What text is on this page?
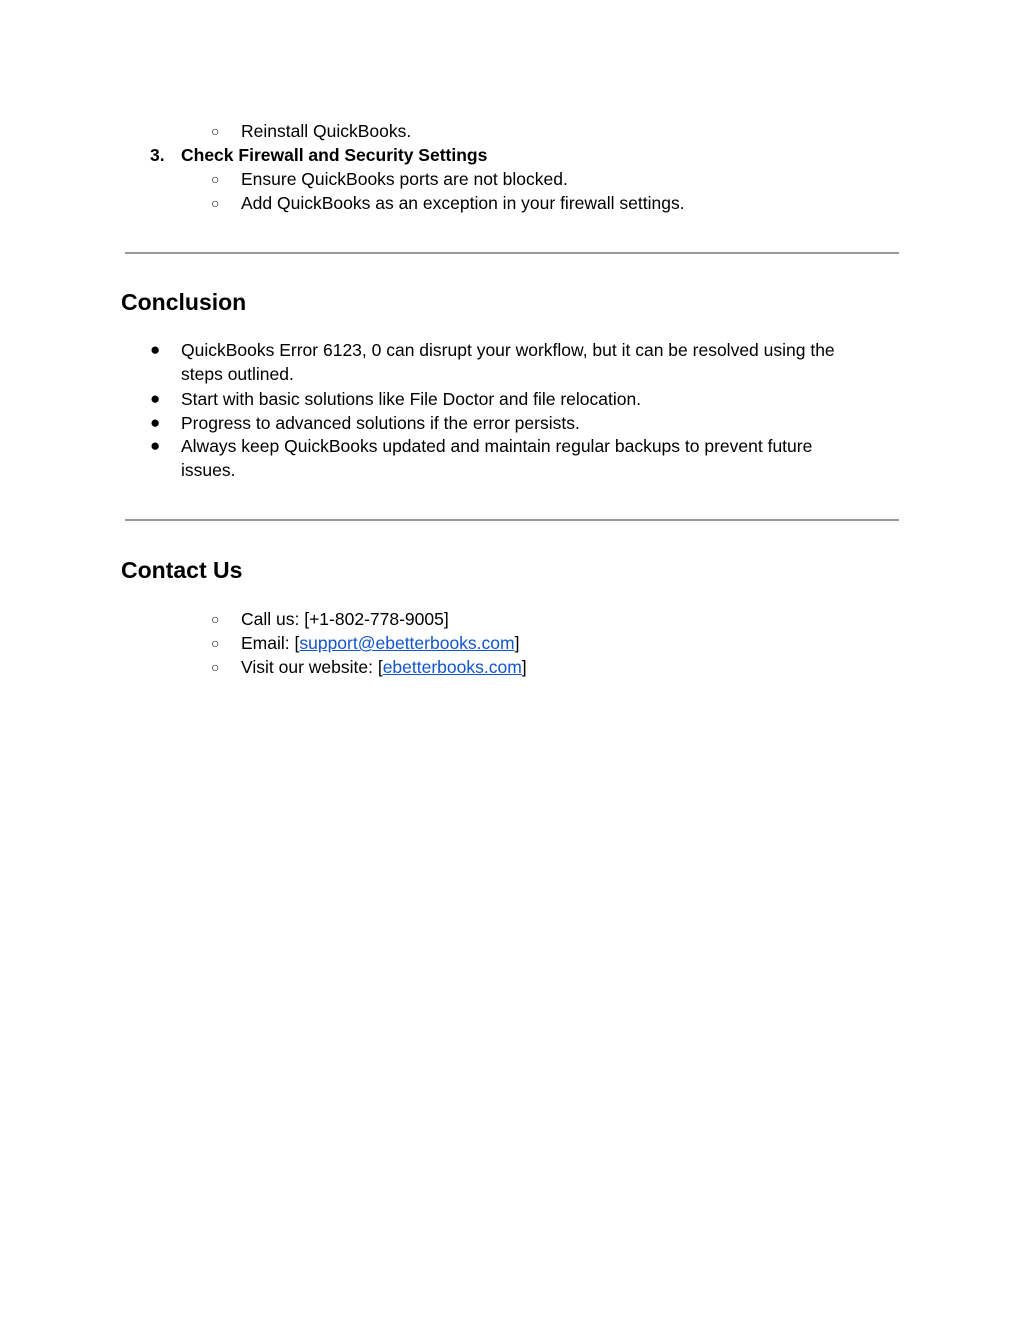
○ Reinstall QuickBooks.
3. Check Firewall and Security Settings
○ Ensure QuickBooks ports are not blocked.
○ Add QuickBooks as an exception in your firewall settings.
Conclusion
● QuickBooks Error 6123, 0 can disrupt your workflow, but it can be resolved using the
steps outlined.
● Start with basic solutions like File Doctor and file relocation.
● Progress to advanced solutions if the error persists.
● Always keep QuickBooks updated and maintain regular backups to prevent future
issues.
Contact Us
○ Call us: [+1-802-778-9005]
○ Email: [support@ebetterbooks.com]
○ Visit our website: [ebetterbooks.com]
